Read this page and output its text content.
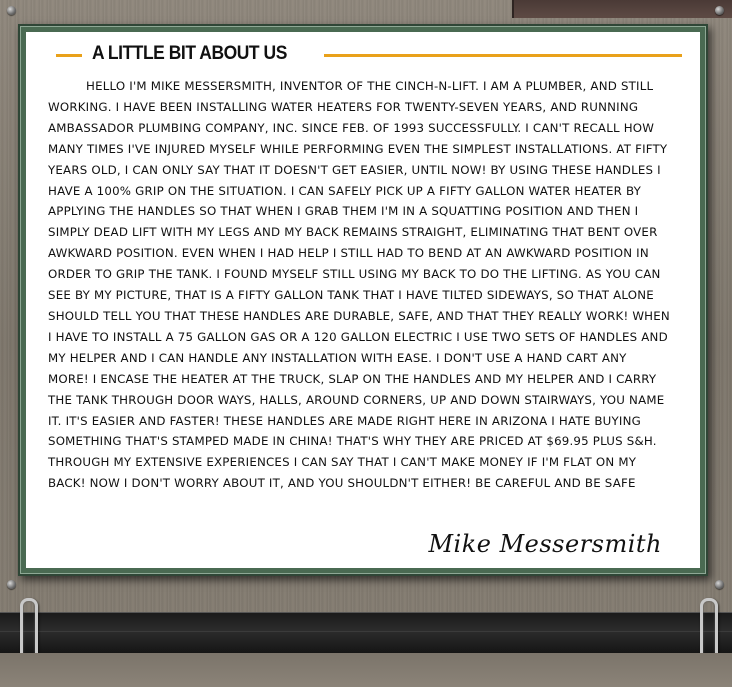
A LITTLE BIT ABOUT US
HELLO I'M MIKE MESSERSMITH, INVENTOR OF THE CINCH-N-LIFT. I AM A PLUMBER, AND STILL WORKING. I HAVE BEEN INSTALLING WATER HEATERS FOR TWENTY-SEVEN YEARS, AND RUNNING AMBASSADOR PLUMBING COMPANY, INC. SINCE FEB. OF 1993 SUCCESSFULLY. I CAN'T RECALL HOW MANY TIMES I'VE INJURED MYSELF WHILE PERFORMING EVEN THE SIMPLEST INSTALLATIONS. AT FIFTY YEARS OLD, I CAN ONLY SAY THAT IT DOESN'T GET EASIER, UNTIL NOW! BY USING THESE HANDLES I HAVE A 100% GRIP ON THE SITUATION. I CAN SAFELY PICK UP A FIFTY GALLON WATER HEATER BY APPLYING THE HANDLES SO THAT WHEN I GRAB THEM I'M IN A SQUATTING POSITION AND THEN I SIMPLY DEAD LIFT WITH MY LEGS AND MY BACK REMAINS STRAIGHT, ELIMINATING THAT BENT OVER AWKWARD POSITION. EVEN WHEN I HAD HELP I STILL HAD TO BEND AT AN AWKWARD POSITION IN ORDER TO GRIP THE TANK. I FOUND MYSELF STILL USING MY BACK TO DO THE LIFTING. AS YOU CAN SEE BY MY PICTURE, THAT IS A FIFTY GALLON TANK THAT I HAVE TILTED SIDEWAYS, SO THAT ALONE SHOULD TELL YOU THAT THESE HANDLES ARE DURABLE, SAFE, AND THAT THEY REALLY WORK! WHEN I HAVE TO INSTALL A 75 GALLON GAS OR A 120 GALLON ELECTRIC I USE TWO SETS OF HANDLES AND MY HELPER AND I CAN HANDLE ANY INSTALLATION WITH EASE. I DON'T USE A HAND CART ANY MORE! I ENCASE THE HEATER AT THE TRUCK, SLAP ON THE HANDLES AND MY HELPER AND I CARRY THE TANK THROUGH DOOR WAYS, HALLS, AROUND CORNERS, UP AND DOWN STAIRWAYS, YOU NAME IT. IT'S EASIER AND FASTER! THESE HANDLES ARE MADE RIGHT HERE IN ARIZONA I HATE BUYING SOMETHING THAT'S STAMPED MADE IN CHINA! THAT'S WHY THEY ARE PRICED AT $69.95 PLUS S&H. THROUGH MY EXTENSIVE EXPERIENCES I CAN SAY THAT I CAN'T MAKE MONEY IF I'M FLAT ON MY BACK! NOW I DON'T WORRY ABOUT IT, AND YOU SHOULDN'T EITHER! BE CAREFUL AND BE SAFE
Mike Messersmith
